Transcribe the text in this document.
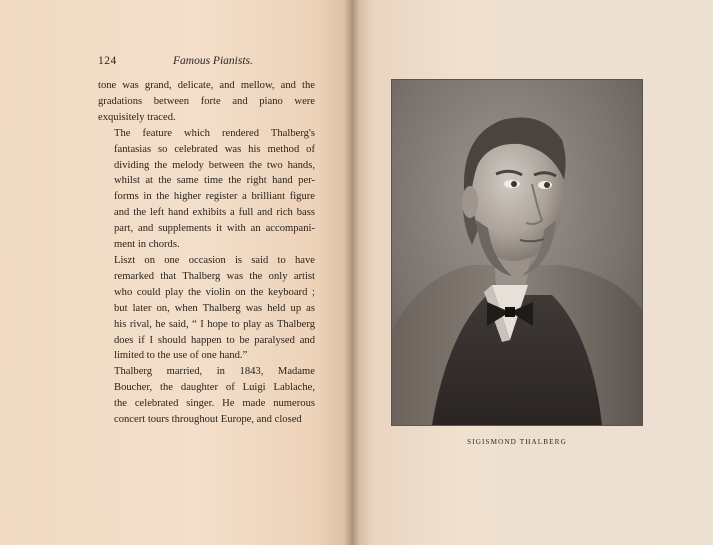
124	Famous Pianists.

tone was grand, delicate, and mellow, and the
gradations between forte and piano were
exquisitely traced.

The feature which rendered Thalberg's
fantasias so celebrated was his method of
dividing the melody between the two hands,
whilst at the same time the right hand per-
forms in the higher register a brilliant figure
and the left hand exhibits a full and rich bass
part, and supplements it with an accompani-
ment in chords.

Liszt on one occasion is said to have
remarked that Thalberg was the only artist
who could play the violin on the keyboard ;
but later on, when Thalberg was held up as
his rival, he said, “ I hope to play as Thalberg
does if I should happen to be paralysed and
limited to the use of one hand.”

Thalberg married, in 1843, Madame
Boucher, the daughter of Luigi Lablache,
the celebrated singer. He made numerous
concert tours throughout Europe, and closed

SIGISMOND THALBERG
